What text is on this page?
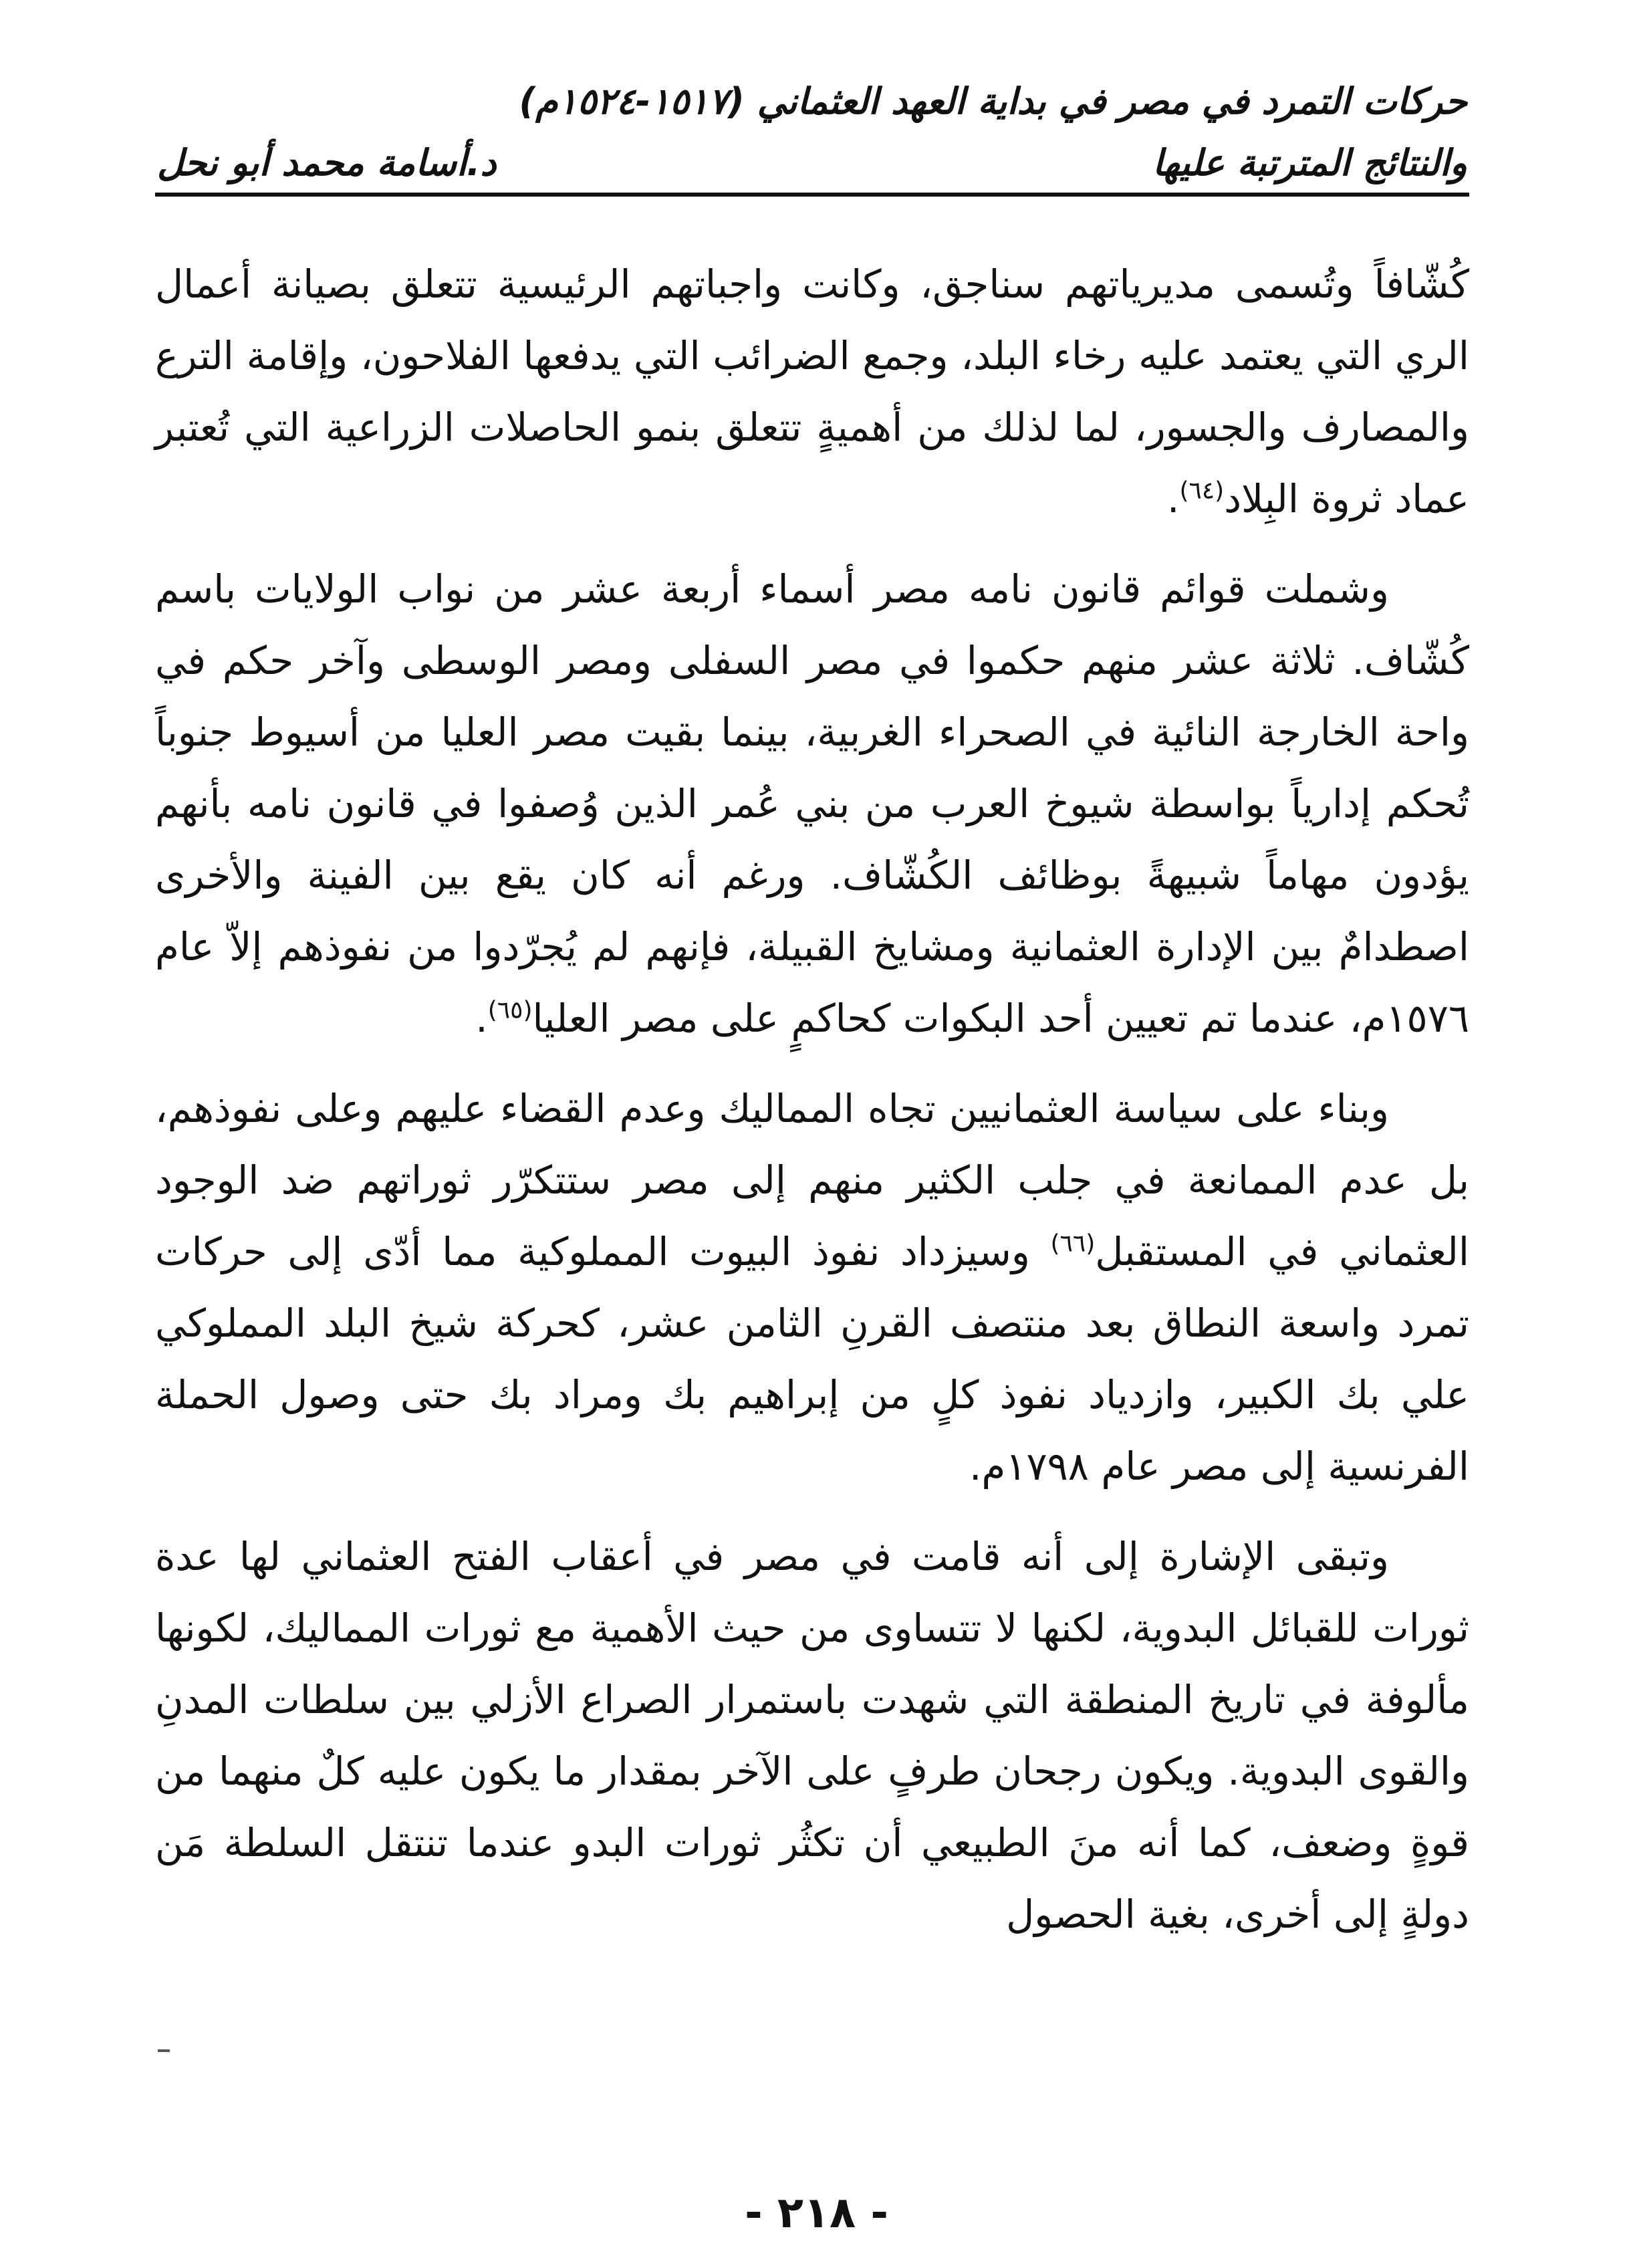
حركات التمرد في مصر في بداية العهد العثماني (١٥١٧-١٥٢٤م)
والنتائج المترتبة عليها
د.أسامة محمد أبو نحل

كُشّافاً وتُسمى مديرياتهم سناجق، وكانت واجباتهم الرئيسية تتعلق بصيانة أعمال الري التي يعتمد عليه رخاء البلد، وجمع الضرائب التي يدفعها الفلاحون، وإقامة الترع والمصارف والجسور، لما لذلك من أهميةٍ تتعلق بنمو الحاصلات الزراعية التي تُعتبر عماد ثروة البِلاد$^{(٦٤)}$.

وشملت قوائم قانون نامه مصر أسماء أربعة عشر من نواب الولايات باسم كُشّاف. ثلاثة عشر منهم حكموا في مصر السفلى ومصر الوسطى وآخر حكم في واحة الخارجة النائية في الصحراء الغربية، بينما بقيت مصر العليا من أسيوط جنوباً تُحكم إدارياً بواسطة شيوخ العرب من بني عُمر الذين وُصفوا في قانون نامه بأنهم يؤدون مهاماً شبيهةً بوظائف الكُشّاف. ورغم أنه كان يقع بين الفينة والأخرى اصطدامٌ بين الإدارة العثمانية ومشايخ القبيلة، فإنهم لم يُجرّدوا من نفوذهم إلاّ عام ١٥٧٦م، عندما تم تعيين أحد البكوات كحاكمٍ على مصر العليا$^{(٦٥)}$.

وبناء على سياسة العثمانيين تجاه المماليك وعدم القضاء عليهم وعلى نفوذهم، بل عدم الممانعة في جلب الكثير منهم إلى مصر ستتكرّر ثوراتهم ضد الوجود العثماني في المستقبل$^{(٦٦)}$ وسيزداد نفوذ البيوت المملوكية مما أدّى إلى حركات تمرد واسعة النطاق بعد منتصف القرنِ الثامن عشر، كحركة شيخ البلد المملوكي علي بك الكبير، وازدياد نفوذ كلٍ من إبراهيم بك ومراد بك حتى وصول الحملة الفرنسية إلى مصر عام ١٧٩٨م.

وتبقى الإشارة إلى أنه قامت في مصر في أعقاب الفتح العثماني لها عدة ثورات للقبائل البدوية، لكنها لا تتساوى من حيث الأهمية مع ثورات المماليك، لكونها مألوفة في تاريخ المنطقة التي شهدت باستمرار الصراع الأزلي بين سلطات المدنِ والقوى البدوية. ويكون رجحان طرفٍ على الآخر بمقدار ما يكون عليه كلٌ منهما من قوةٍ وضعف، كما أنه منَ الطبيعي أن تكثُر ثورات البدو عندما تنتقل السلطة مَن دولةٍ إلى أخرى، بغية الحصول

- ٢١٨ -
